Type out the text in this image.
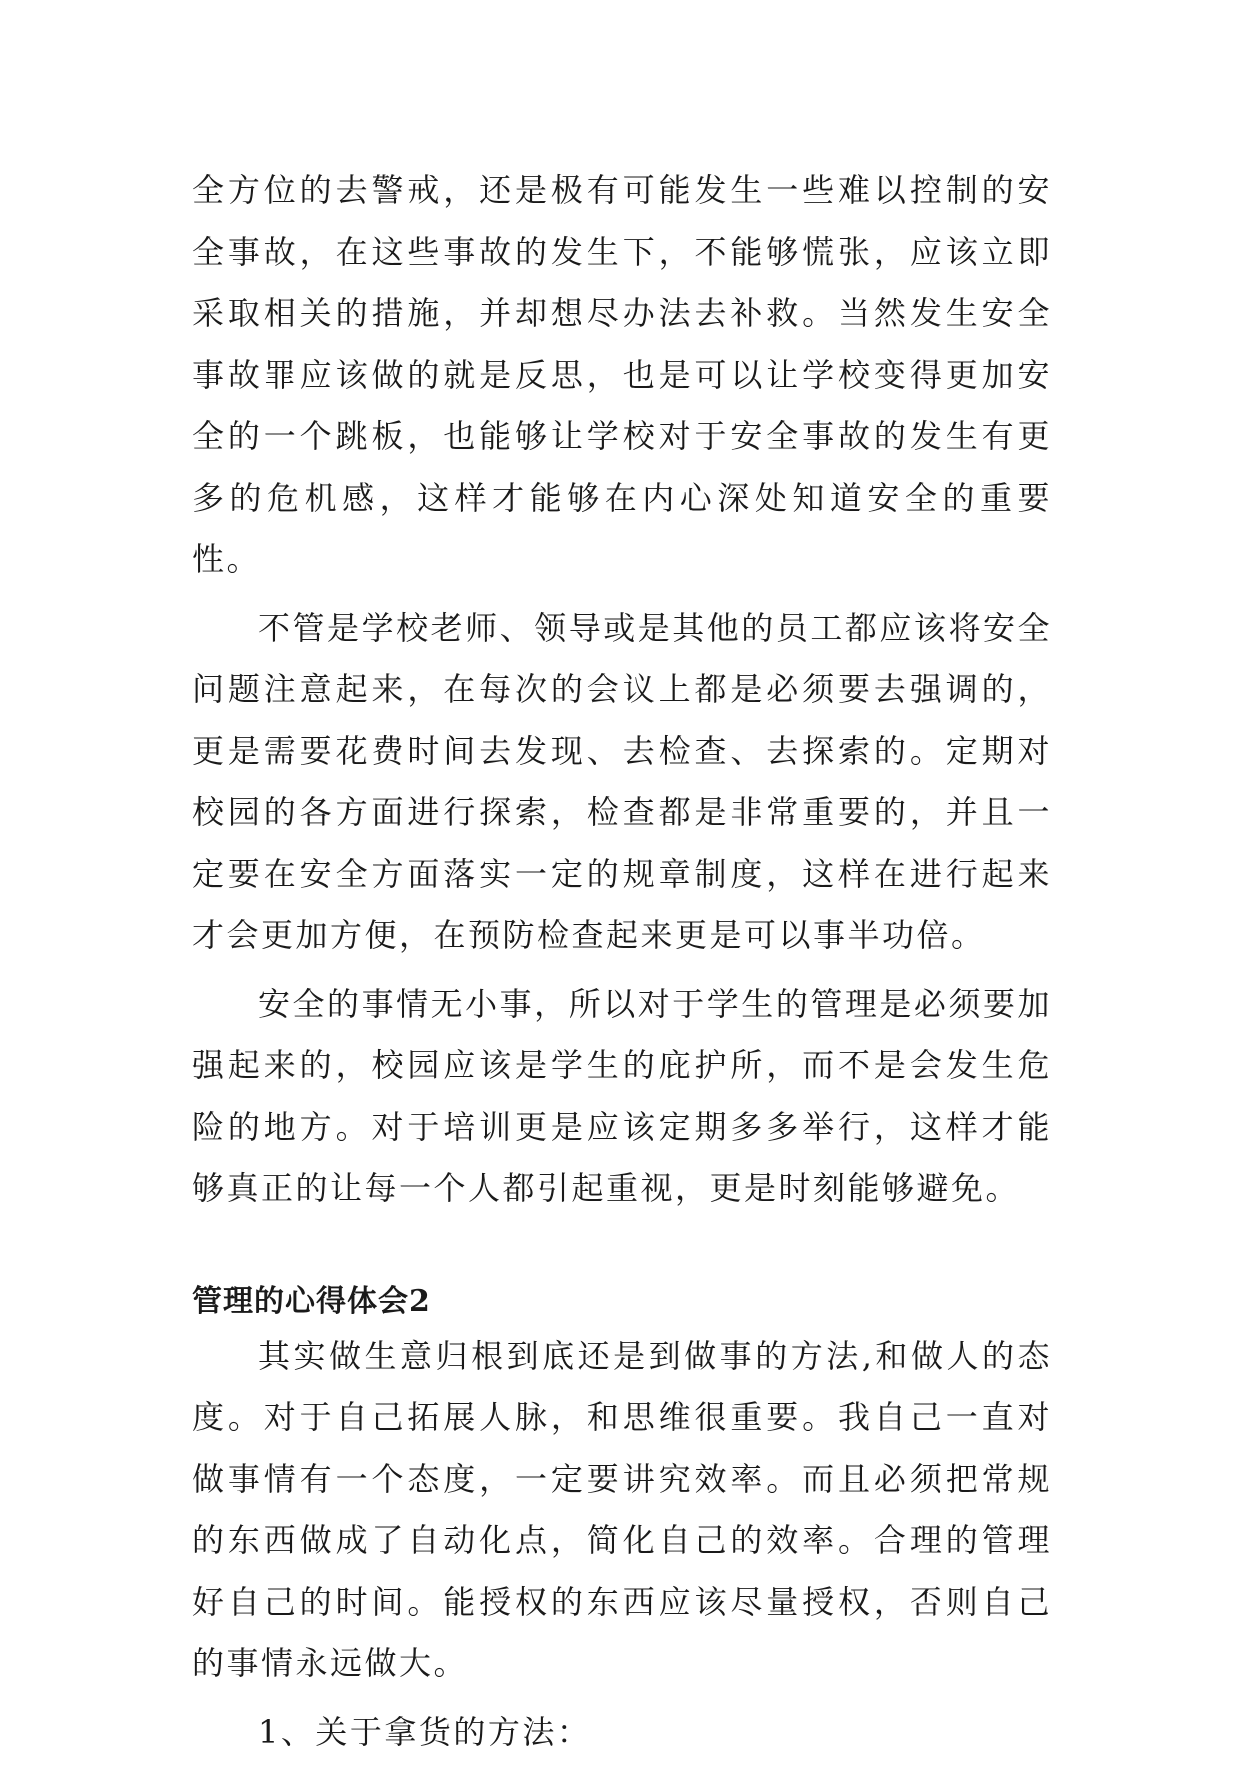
全方位的去警戒，还是极有可能发生一些难以控制的安全事故，在这些事故的发生下，不能够慌张，应该立即采取相关的措施，并却想尽办法去补救。当然发生安全事故罪应该做的就是反思，也是可以让学校变得更加安全的一个跳板，也能够让学校对于安全事故的发生有更多的危机感，这样才能够在内心深处知道安全的重要性。

不管是学校老师、领导或是其他的员工都应该将安全问题注意起来，在每次的会议上都是必须要去强调的，更是需要花费时间去发现、去检查、去探索的。定期对校园的各方面进行探索，检查都是非常重要的，并且一定要在安全方面落实一定的规章制度，这样在进行起来才会更加方便，在预防检查起来更是可以事半功倍。

安全的事情无小事，所以对于学生的管理是必须要加强起来的，校园应该是学生的庇护所，而不是会发生危险的地方。对于培训更是应该定期多多举行，这样才能够真正的让每一个人都引起重视，更是时刻能够避免。

管理的心得体会2

其实做生意归根到底还是到做事的方法,和做人的态度。对于自己拓展人脉，和思维很重要。我自己一直对做事情有一个态度，一定要讲究效率。而且必须把常规的东西做成了自动化点，简化自己的效率。合理的管理好自己的时间。能授权的东西应该尽量授权，否则自己的事情永远做大。

1、关于拿货的方法：
